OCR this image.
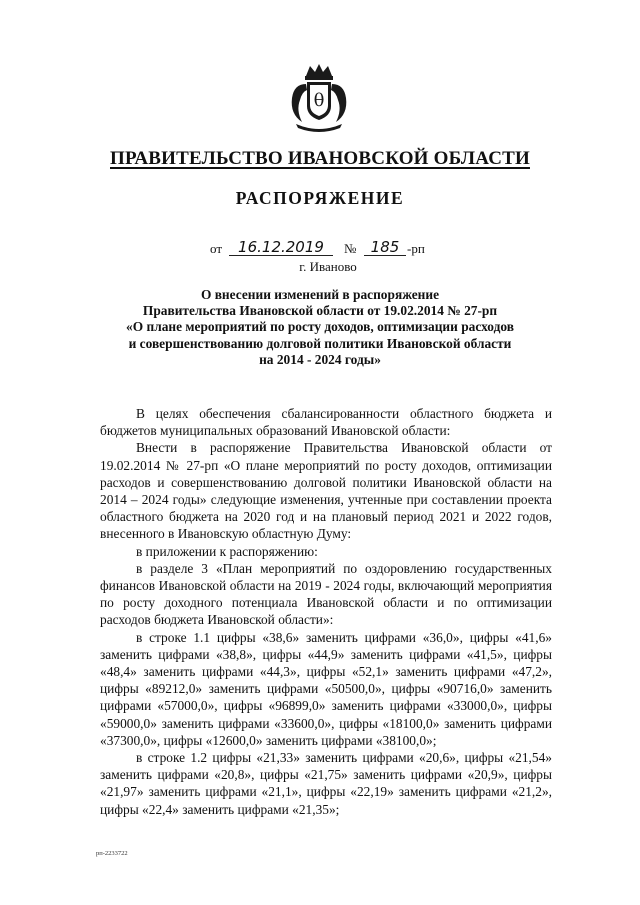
θ
ПРАВИТЕЛЬСТВО ИВАНОВСКОЙ ОБЛАСТИ
РАСПОРЯЖЕНИЕ
от	16.12.2019	№ 185 -рп
г. Иваново
О внесении изменений в распоряжение
Правительства Ивановской области от 19.02.2014 № 27-рп
«О плане мероприятий по росту доходов, оптимизации расходов
и совершенствованию долговой политики Ивановской области
на 2014 - 2024 годы»

В целях обеспечения сбалансированности областного бюджета и бюджетов муниципальных образований Ивановской области:

Внести в распоряжение Правительства Ивановской области от 19.02.2014 № 27-рп «О плане мероприятий по росту доходов, оптимизации расходов и совершенствованию долговой политики Ивановской области на 2014 – 2024 годы» следующие изменения, учтенные при составлении проекта областного бюджета на 2020 год и на плановый период 2021 и 2022 годов, внесенного в Ивановскую областную Думу:

в приложении к распоряжению:

в разделе 3 «План мероприятий по оздоровлению государственных финансов Ивановской области на 2019 - 2024 годы, включающий мероприятия по росту доходного потенциала Ивановской области и по оптимизации расходов бюджета Ивановской области»:

в строке 1.1 цифры «38,6» заменить цифрами «36,0», цифры «41,6» заменить цифрами «38,8», цифры «44,9» заменить цифрами «41,5», цифры «48,4» заменить цифрами «44,3», цифры «52,1» заменить цифрами «47,2», цифры «89212,0» заменить цифрами «50500,0», цифры «90716,0» заменить цифрами «57000,0», цифры «96899,0» заменить цифрами «33000,0», цифры «59000,0» заменить цифрами «33600,0», цифры «18100,0» заменить цифрами «37300,0», цифры «12600,0» заменить цифрами «38100,0»;

в строке 1.2 цифры «21,33» заменить цифрами «20,6», цифры «21,54» заменить цифрами «20,8», цифры «21,75» заменить цифрами «20,9», цифры «21,97» заменить цифрами «21,1», цифры «22,19» заменить цифрами «21,2», цифры «22,4» заменить цифрами «21,35»;

рп-2233722
